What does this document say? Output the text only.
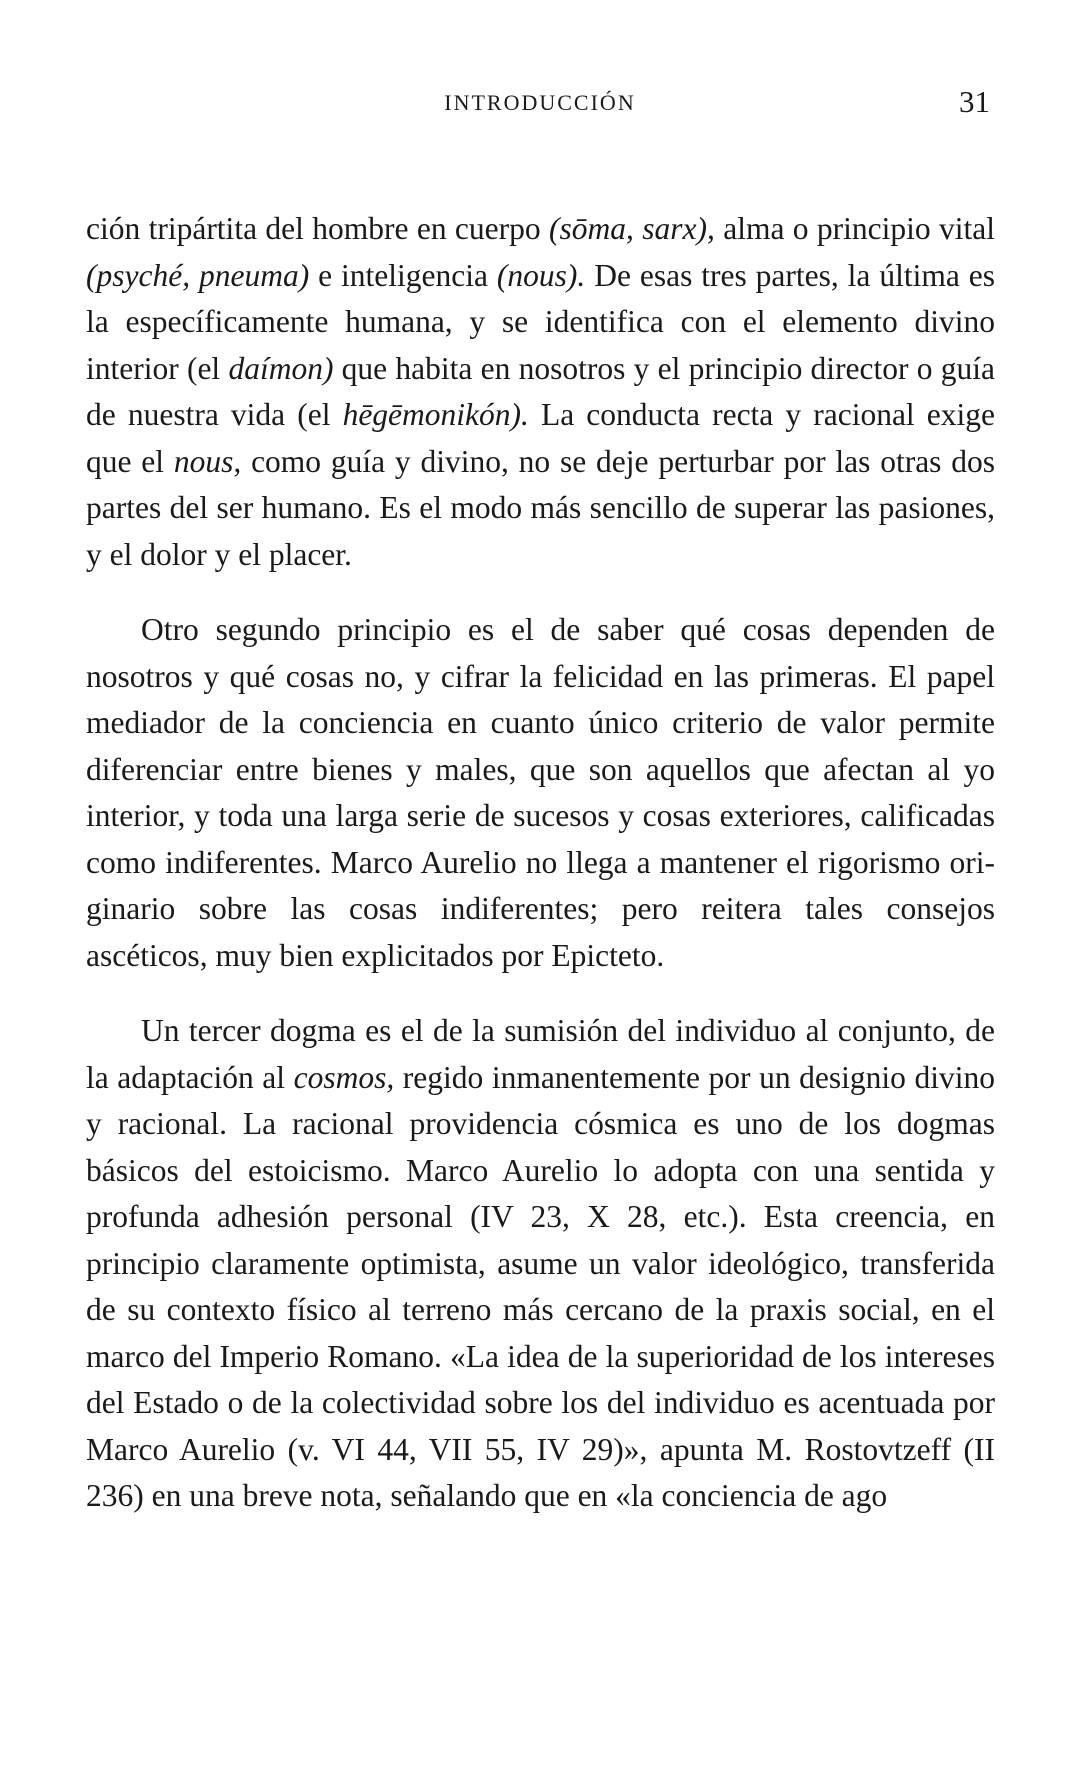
INTRODUCCIÓN	31

ción tripártita del hombre en cuerpo (sōma, sarx), alma o principio vital (psyché, pneuma) e inteligencia (nous). De esas tres partes, la última es la específicamente humana, y se identifica con el elemento divino interior (el daímon) que habita en nosotros y el principio director o guía de nuestra vida (el hēgēmonikón). La conducta recta y racional exige que el nous, como guía y divino, no se deje perturbar por las otras dos partes del ser humano. Es el modo más sencillo de superar las pasiones, y el dolor y el placer.

Otro segundo principio es el de saber qué cosas dependen de nosotros y qué cosas no, y cifrar la felicidad en las primeras. El papel mediador de la conciencia en cuanto único criterio de valor permite diferenciar entre bienes y males, que son aquellos que afectan al yo interior, y toda una larga serie de sucesos y cosas exteriores, calificadas como indiferentes. Marco Aurelio no llega a mantener el rigorismo originario sobre las cosas indiferentes; pero reitera tales consejos ascéticos, muy bien explicitados por Epicteto.

Un tercer dogma es el de la sumisión del individuo al conjunto, de la adaptación al cosmos, regido inmanentemente por un designio divino y racional. La racional providencia cósmica es uno de los dogmas básicos del estoicismo. Marco Aurelio lo adopta con una sentida y profunda adhesión personal (IV 23, X 28, etc.). Esta creencia, en principio claramente optimista, asume un valor ideológico, transferida de su contexto físico al terreno más cercano de la praxis social, en el marco del Imperio Romano. «La idea de la superioridad de los intereses del Estado o de la colectividad sobre los del individuo es acentuada por Marco Aurelio (v. VI 44, VII 55, IV 29)», apunta M. Rostovtzeff (II 236) en una breve nota, señalando que en «la conciencia de ago
